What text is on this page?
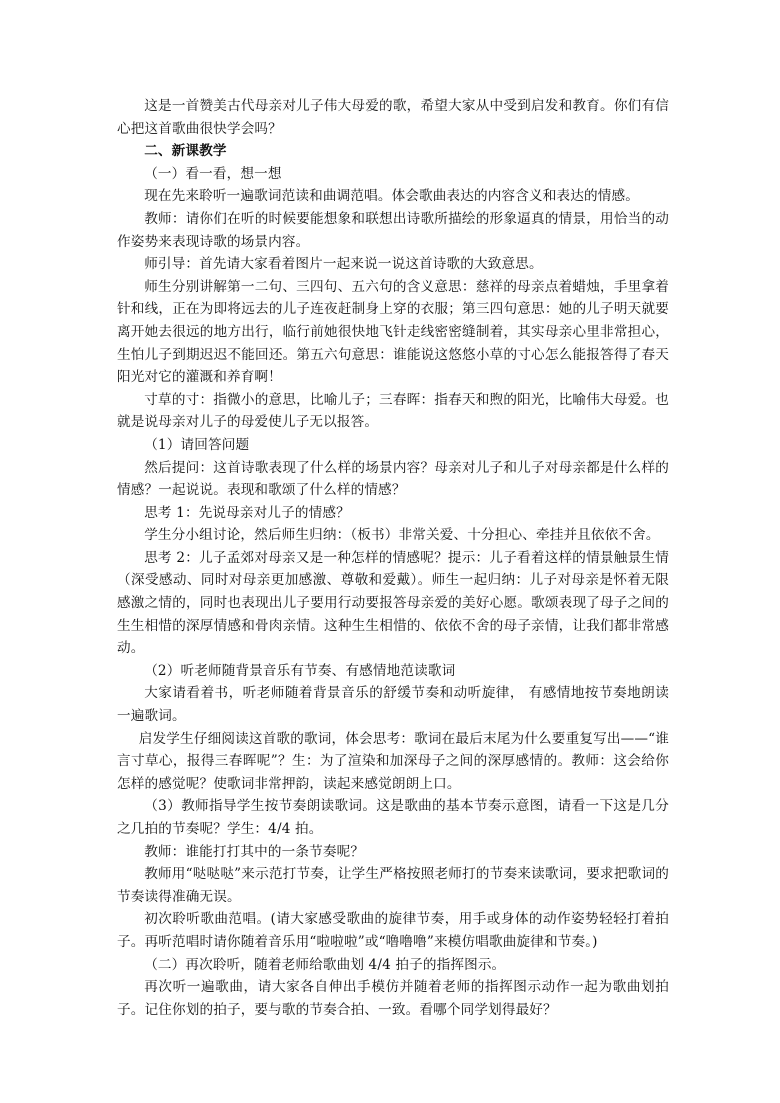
这是一首赞美古代母亲对儿子伟大母爱的歌，希望大家从中受到启发和教育。你们有信心把这首歌曲很快学会吗？

二、新课教学

（一）看一看，想一想

现在先来聆听一遍歌词范读和曲调范唱。体会歌曲表达的内容含义和表达的情感。

教师：请你们在听的时候要能想象和联想出诗歌所描绘的形象逼真的情景，用恰当的动作姿势来表现诗歌的场景内容。

师引导：首先请大家看着图片一起来说一说这首诗歌的大致意思。

师生分别讲解第一二句、三四句、五六句的含义意思：慈祥的母亲点着蜡烛，手里拿着针和线，正在为即将远去的儿子连夜赶制身上穿的衣服；第三四句意思：她的儿子明天就要离开她去很远的地方出行，临行前她很快地飞针走线密密缝制着，其实母亲心里非常担心，生怕儿子到期迟迟不能回还。第五六句意思：谁能说这悠悠小草的寸心怎么能报答得了春天阳光对它的灌溉和养育啊！

寸草的寸：指微小的意思，比喻儿子；三春晖：指春天和煦的阳光，比喻伟大母爱。也就是说母亲对儿子的母爱使儿子无以报答。

（1）请回答问题

然后提问：这首诗歌表现了什么样的场景内容？母亲对儿子和儿子对母亲都是什么样的情感？一起说说。表现和歌颂了什么样的情感？

思考 1：先说母亲对儿子的情感？

学生分小组讨论，然后师生归纳：（板书）非常关爱、十分担心、牵挂并且依依不舍。

思考 2：儿子孟郊对母亲又是一种怎样的情感呢？提示：儿子看着这样的情景触景生情（深受感动、同时对母亲更加感激、尊敬和爱戴）。师生一起归纳：儿子对母亲是怀着无限感激之情的，同时也表现出儿子要用行动要报答母亲爱的美好心愿。歌颂表现了母子之间的生生相惜的深厚情感和骨肉亲情。这种生生相惜的、依依不舍的母子亲情，让我们都非常感动。

（2）听老师随背景音乐有节奏、有感情地范读歌词

大家请看着书，听老师随着背景音乐的舒缓节奏和动听旋律， 有感情地按节奏地朗读一遍歌词。

启发学生仔细阅读这首歌的歌词，体会思考：歌词在最后末尾为什么要重复写出——“谁言寸草心，报得三春晖呢”？生：为了渲染和加深母子之间的深厚感情的。教师：这会给你怎样的感觉呢？使歌词非常押韵，读起来感觉朗朗上口。

（3）教师指导学生按节奏朗读歌词。这是歌曲的基本节奏示意图，请看一下这是几分之几拍的节奏呢？学生：4/4 拍。

教师：谁能打打其中的一条节奏呢？

教师用“哒哒哒”来示范打节奏，让学生严格按照老师打的节奏来读歌词，要求把歌词的节奏读得准确无误。

初次聆听歌曲范唱。(请大家感受歌曲的旋律节奏，用手或身体的动作姿势轻轻打着拍子。再听范唱时请你随着音乐用“啦啦啦”或“噜噜噜”来模仿唱歌曲旋律和节奏。)

（二）再次聆听，随着老师给歌曲划 4/4 拍子的指挥图示。

再次听一遍歌曲，请大家各自伸出手模仿并随着老师的指挥图示动作一起为歌曲划拍子。记住你划的拍子，要与歌的节奏合拍、一致。看哪个同学划得最好？
